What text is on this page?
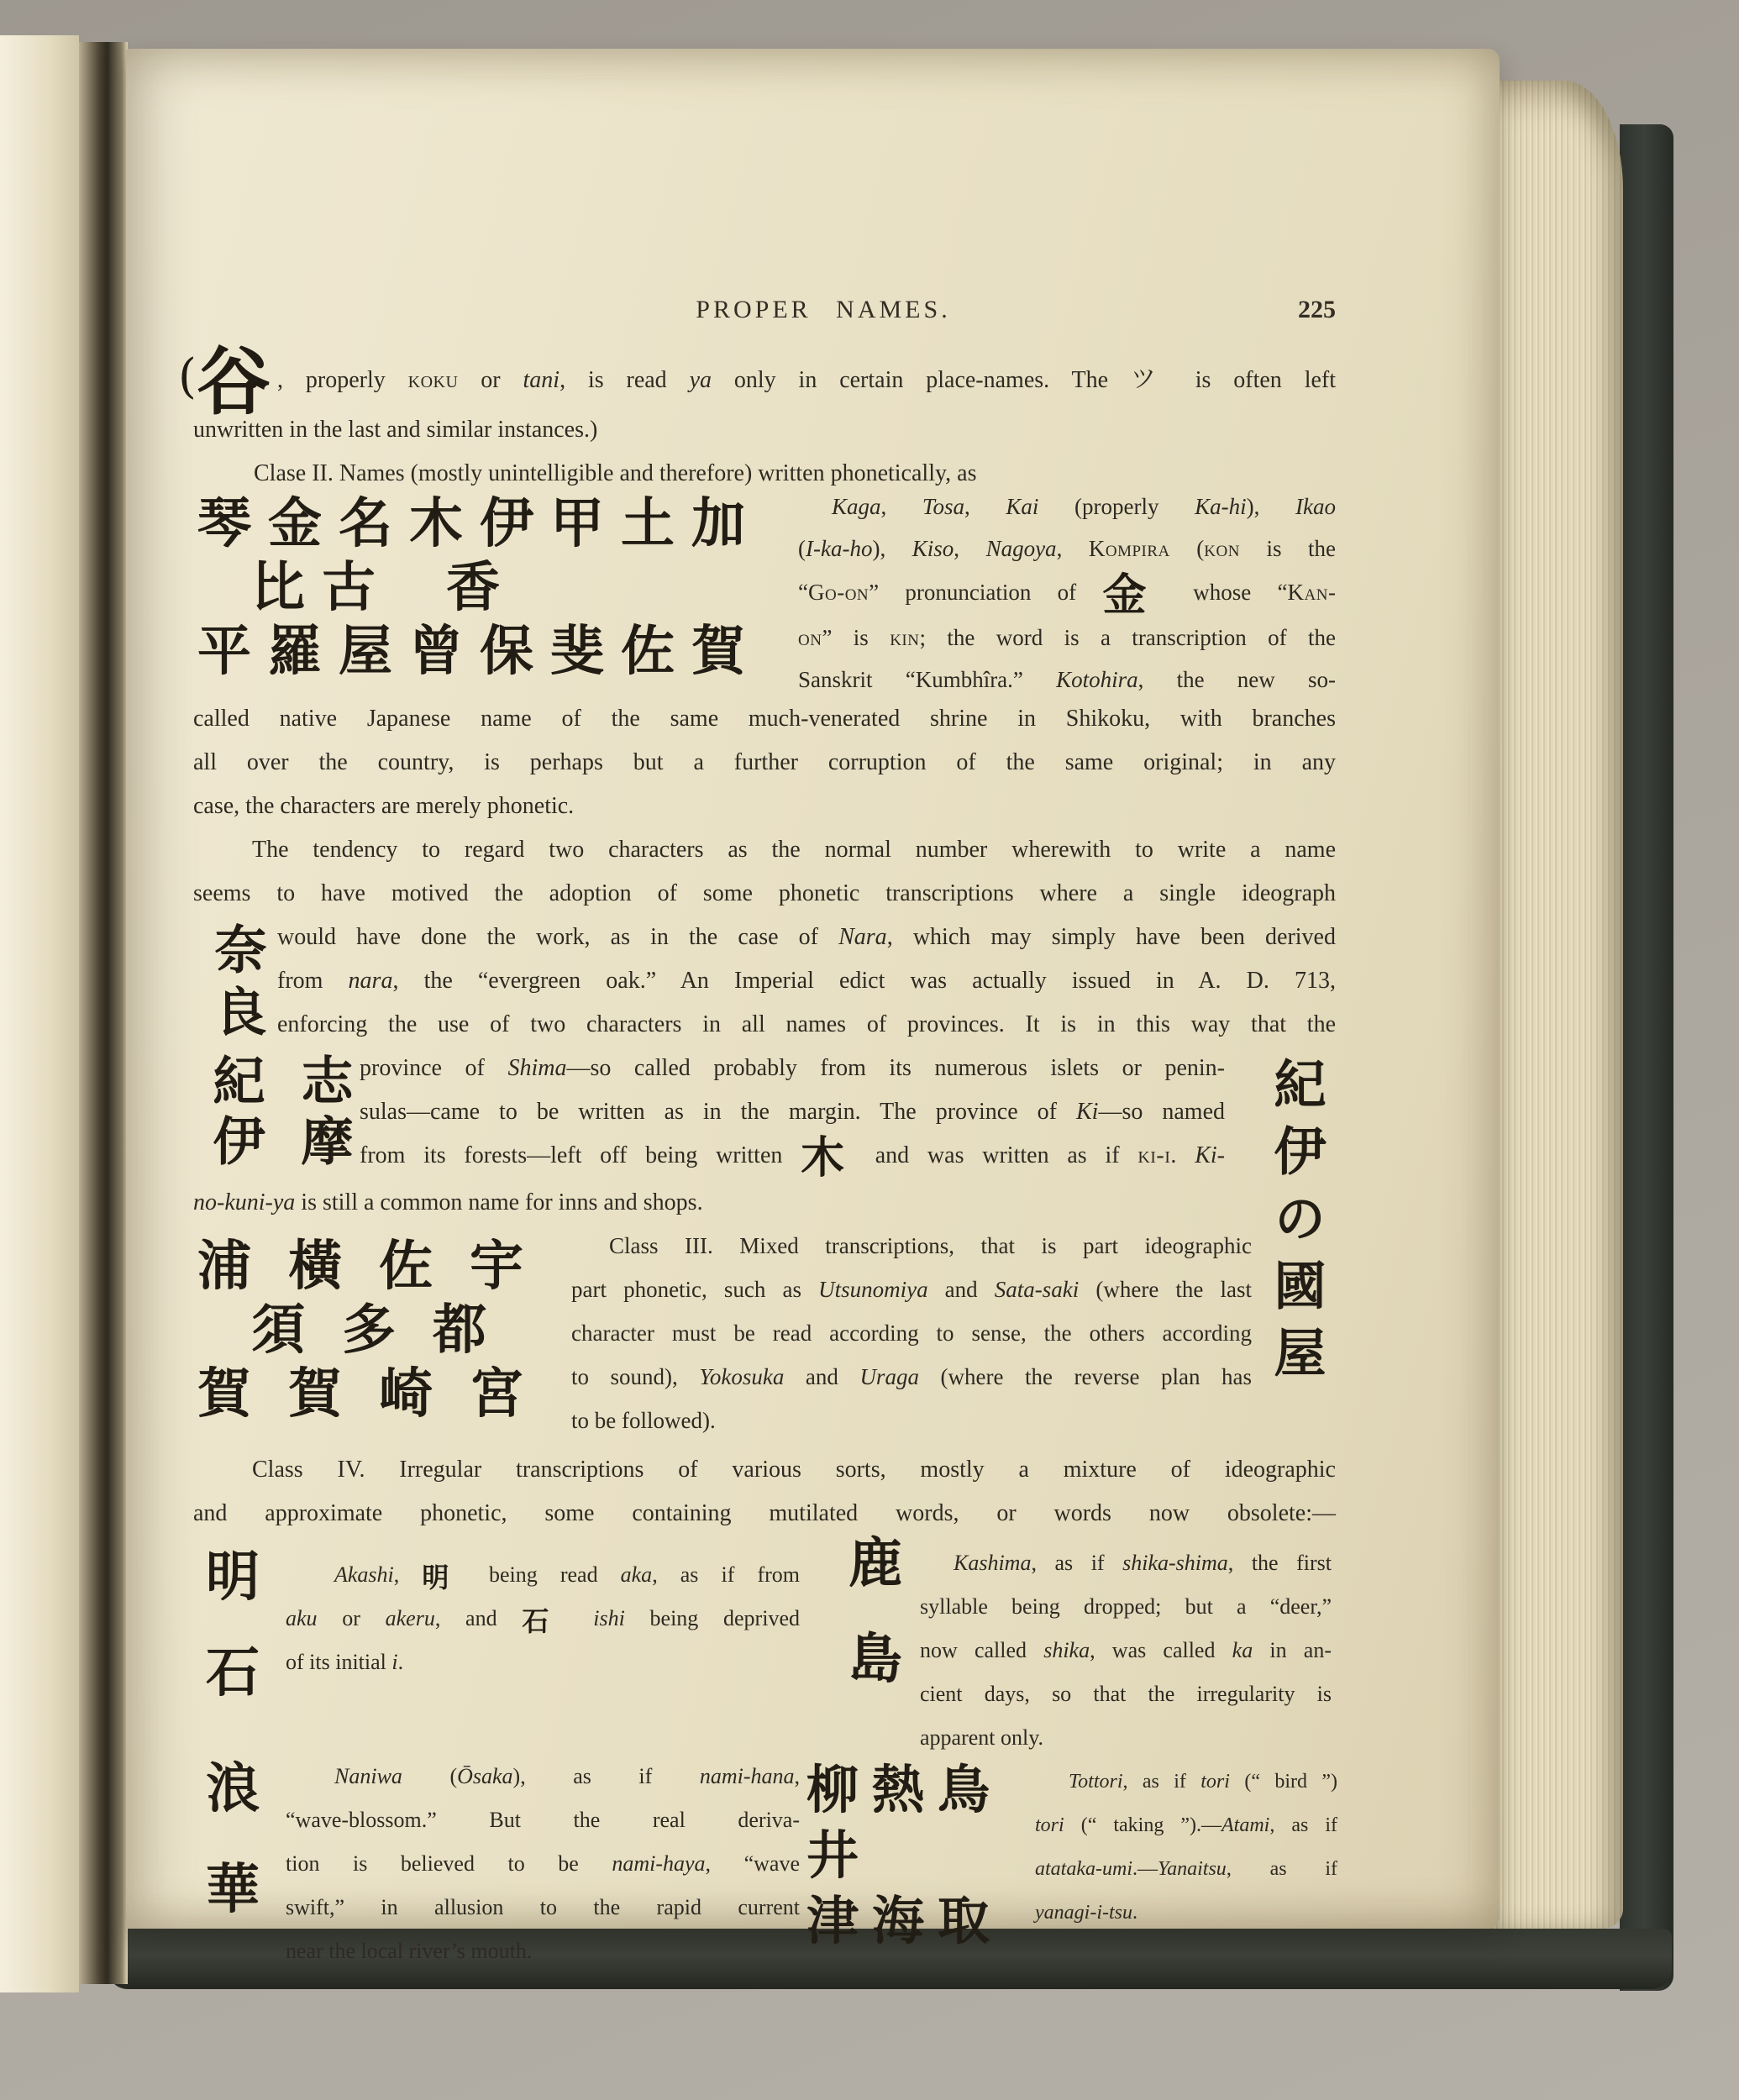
PROPER NAMES.	225
(谷 , properly koku or tani, is read ya only in certain place-names. The ツ is often left
unwritten in the last and similar instances.)
Clase II. Names (mostly unintelligible and therefore) written phonetically, as
琴金名木伊甲土加
比古 香
平羅屋曾保斐佐賀
Kaga, Tosa, Kai (properly Ka-hi), Ikao
(I-ka-ho), Kiso, Nagoya, Kompira (kon is the
“Go-on” pronunciation of 金 whose “Kan-
on” is kin; the word is a transcription of the
Sanskrit “Kumbhîra.” Kotohira, the new so-
called native Japanese name of the same much-venerated shrine in Shikoku, with branches
all over the country, is perhaps but a further corruption of the same original; in any
case, the characters are merely phonetic.
The tendency to regard two characters as the normal number wherewith to write a name
seems to have motived the adoption of some phonetic transcriptions where a single ideograph
奈良 would have done the work, as in the case of Nara, which may simply have been derived
from nara, the “evergreen oak.” An Imperial edict was actually issued in A. D. 713,
enforcing the use of two characters in all names of provinces. It is in this way that the
紀伊 志摩 province of Shima—so called probably from its numerous islets or penin-
sulas—came to be written as in the margin. The province of Ki—so named
from its forests—left off being written 木 and was written as if ki-i. Ki-
no-kuni-ya is still a common name for inns and shops.	紀伊の國屋
浦橫佐宇
須多都
賀賀崎宮
Class III. Mixed transcriptions, that is part ideographic
part phonetic, such as Utsunomiya and Sata-saki (where the last
character must be read according to sense, the others according
to sound), Yokosuka and Uraga (where the reverse plan has
to be followed).
Class IV. Irregular transcriptions of various sorts, mostly a mixture of ideographic
and approximate phonetic, some containing mutilated words, or words now obsolete:—
明
石
Akashi, 明 being read aka, as if from
aku or akeru, and 石 ishi being deprived
of its initial i.
鹿
島
Kashima, as if shika-shima, the first
syllable being dropped; but a “deer,”
now called shika, was called ka in an-
cient days, so that the irregularity is
apparent only.
浪
華
Naniwa (Ōsaka), as if nami-hana,
“wave-blossom.” But the real deriva-
tion is believed to be nami-haya, “wave
swift,” in allusion to the rapid current
near the local river’s mouth.
柳熱鳥
井
津海取
Tottori, as if tori (“ bird ”)
tori (“ taking ”).—Atami, as if
atataka-umi.—Yanaitsu, as if
yanagi-i-tsu.
